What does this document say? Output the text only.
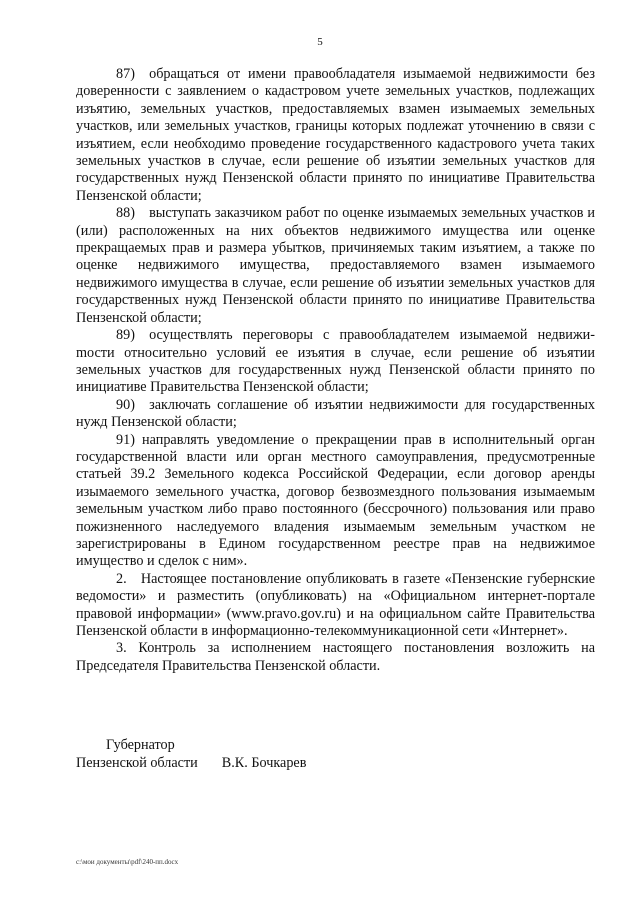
5

87) обращаться от имени правообладателя изымаемой недвижимости без доверенности с заявлением о кадастровом учете земельных участков, подлежащих изъятию, земельных участков, предоставляемых взамен изымаемых земельных участков, или земельных участков, границы которых подлежат уточнению в связи с изъятием, если необходимо проведение государственного кадастрового учета таких земельных участков в случае, если решение об изъятии земельных участков для государственных нужд Пензенской области принято по инициативе Правительства Пензенской области;

88) выступать заказчиком работ по оценке изымаемых земельных участков и (или) расположенных на них объектов недвижимого имущества или оценке прекращаемых прав и размера убытков, причиняемых таким изъятием, а также по оценке недвижимого имущества, предоставляемого взамен изымаемого недвижимого имущества в случае, если решение об изъятии земельных участков для государственных нужд Пензенской области принято по инициативе Правительства Пензенской области;

89) осуществлять переговоры с правообладателем изымаемой недвижиmости относительно условий ее изъятия в случае, если решение об изъятии земельных участков для государственных нужд Пензенской области принято по инициативе Правительства Пензенской области;

90) заключать соглашение об изъятии недвижимости для государственных нужд Пензенской области;

91) направлять уведомление о прекращении прав в исполнительный орган государственной власти или орган местного самоуправления, предусмотренные статьей 39.2 Земельного кодекса Российской Федерации, если договор аренды изымаемого земельного участка, договор безвозмездного пользования изымаемым земельным участком либо право постоянного (бессрочного) пользования или право пожизненного наследуемого владения изымаемым земельным участком не зарегистрированы в Едином государственном реестре прав на недвижимое имущество и сделок с ним».

2. Настоящее постановление опубликовать в газете «Пензенские губернские ведомости» и разместить (опубликовать) на «Официальном интернет-портале правовой информации» (www.pravo.gov.ru) и на официальном сайте Правительства Пензенской области в информационно-телекоммуникационной сети «Интернет».

3. Контроль за исполнением настоящего постановления возложить на Председателя Правительства Пензенской области.

Губернатор
Пензенской области В.К. Бочкарев
c:\мои документы\pdf\240-пп.docx
